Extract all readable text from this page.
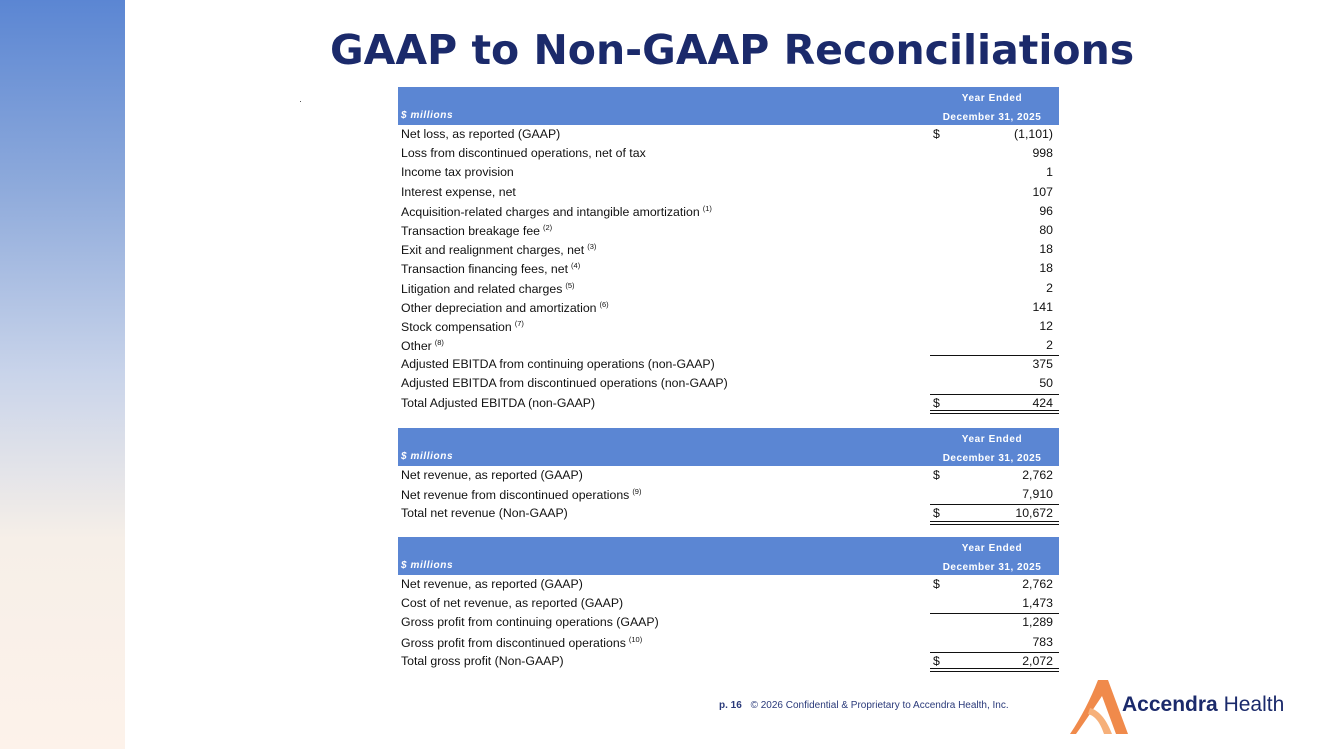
GAAP to Non-GAAP Reconciliations
$ millions
Year Ended
December 31, 2025
Net loss, as reported (GAAP)	$	(1,101)
Loss from discontinued operations, net of tax	998
Income tax provision	1
Interest expense, net	107
Acquisition-related charges and intangible amortization $^{(1)}$	96
Transaction breakage fee $^{(2)}$	80
Exit and realignment charges, net $^{(3)}$	18
Transaction financing fees, net $^{(4)}$	18
Litigation and related charges $^{(5)}$	2
Other depreciation and amortization $^{(6)}$	141
Stock compensation $^{(7)}$	12
Other $^{(8)}$	2
Adjusted EBITDA from continuing operations (non-GAAP)	375
Adjusted EBITDA from discontinued operations (non-GAAP)	50
Total Adjusted EBITDA (non-GAAP)	$	424
$ millions
Year Ended
December 31, 2025
Net revenue, as reported (GAAP)	$	2,762
Net revenue from discontinued operations $^{(9)}$	7,910
Total net revenue (Non-GAAP)	$	10,672
$ millions
Year Ended
December 31, 2025
Net revenue, as reported (GAAP)	$	2,762
Cost of net revenue, as reported (GAAP)	1,473
Gross profit from continuing operations (GAAP)	1,289
Gross profit from discontinued operations $^{(10)}$	783
Total gross profit (Non-GAAP)	$	2,072
p. 16 © 2026 Confidential & Proprietary to Accendra Health, Inc.	Accendra Health
